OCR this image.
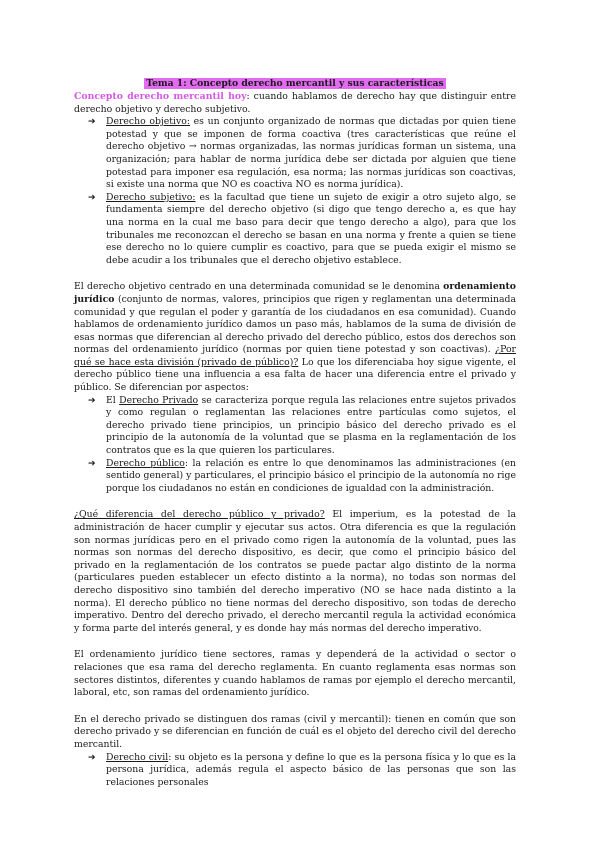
Tema 1: Concepto derecho mercantil y sus características

Concepto derecho mercantil hoy: cuando hablamos de derecho hay que distinguir entre derecho objetivo y derecho subjetivo.

➔ Derecho objetivo: es un conjunto organizado de normas que dictadas por quien tiene potestad y que se imponen de forma coactiva (tres características que reúne el derecho objetivo → normas organizadas, las normas jurídicas forman un sistema, una organización; para hablar de norma jurídica debe ser dictada por alguien que tiene potestad para imponer esa regulación, esa norma; las normas jurídicas son coactivas, si existe una norma que NO es coactiva NO es norma jurídica).
➔ Derecho subjetivo: es la facultad que tiene un sujeto de exigir a otro sujeto algo, se fundamenta siempre del derecho objetivo (si digo que tengo derecho a, es que hay una norma en la cual me baso para decir que tengo derecho a algo), para que los tribunales me reconozcan el derecho se basan en una norma y frente a quien se tiene ese derecho no lo quiere cumplir es coactivo, para que se pueda exigir el mismo se debe acudir a los tribunales que el derecho objetivo establece.

El derecho objetivo centrado en una determinada comunidad se le denomina ordenamiento jurídico (conjunto de normas, valores, principios que rigen y reglamentan una determinada comunidad y que regulan el poder y garantía de los ciudadanos en esa comunidad). Cuando hablamos de ordenamiento jurídico damos un paso más, hablamos de la suma de división de esas normas que diferencian al derecho privado del derecho público, estos dos derechos son normas del ordenamiento jurídico (normas por quien tiene potestad y son coactivas). ¿Por qué se hace esta división (privado de público)? Lo que los diferenciaba hoy sigue vigente, el derecho público tiene una influencia a esa falta de hacer una diferencia entre el privado y público. Se diferencian por aspectos:

➔ El Derecho Privado se caracteriza porque regula las relaciones entre sujetos privados y como regulan o reglamentan las relaciones entre partículas como sujetos, el derecho privado tiene principios, un principio básico del derecho privado es el principio de la autonomía de la voluntad que se plasma en la reglamentación de los contratos que es la que quieren los particulares.
➔ Derecho público: la relación es entre lo que denominamos las administraciones (en sentido general) y particulares, el principio básico el principio de la autonomía no rige porque los ciudadanos no están en condiciones de igualdad con la administración.

¿Qué diferencia del derecho público y privado? El imperium, es la potestad de la administración de hacer cumplir y ejecutar sus actos. Otra diferencia es que la regulación son normas jurídicas pero en el privado como rigen la autonomía de la voluntad, pues las normas son normas del derecho dispositivo, es decir, que como el principio básico del privado en la reglamentación de los contratos se puede pactar algo distinto de la norma (particulares pueden establecer un efecto distinto a la norma), no todas son normas del derecho dispositivo sino también del derecho imperativo (NO se hace nada distinto a la norma). El derecho público no tiene normas del derecho dispositivo, son todas de derecho imperativo. Dentro del derecho privado, el derecho mercantil regula la actividad económica y forma parte del interés general, y es donde hay más normas del derecho imperativo.

El ordenamiento jurídico tiene sectores, ramas y dependerá de la actividad o sector o relaciones que esa rama del derecho reglamenta. En cuanto reglamenta esas normas son sectores distintos, diferentes y cuando hablamos de ramas por ejemplo el derecho mercantil, laboral, etc, son ramas del ordenamiento jurídico.

En el derecho privado se distinguen dos ramas (civil y mercantil): tienen en común que son derecho privado y se diferencian en función de cuál es el objeto del derecho civil del derecho mercantil.

➔ Derecho civil: su objeto es la persona y define lo que es la persona física y lo que es la persona jurídica, además regula el aspecto básico de las personas que son las relaciones personales
